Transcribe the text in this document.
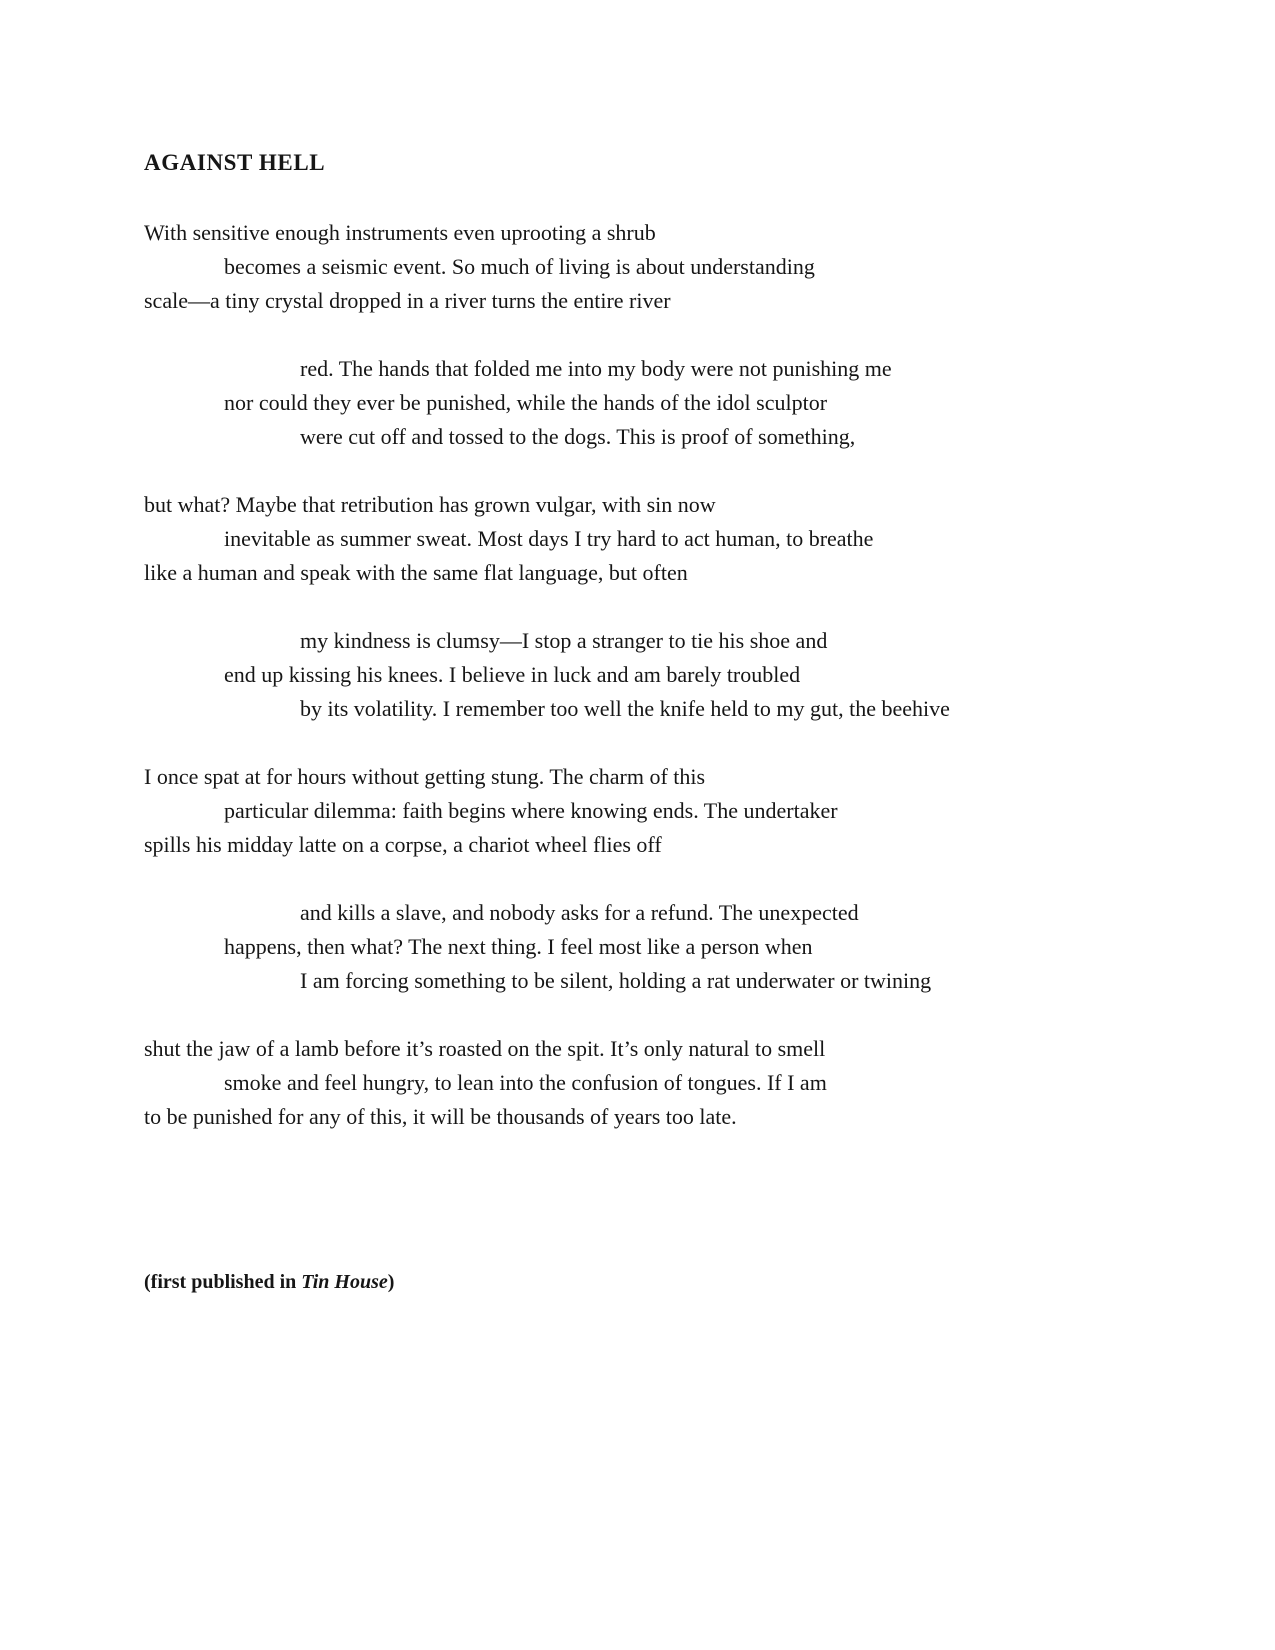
AGAINST HELL
With sensitive enough instruments even uprooting a shrub
becomes a seismic event. So much of living is about understanding
scale—a tiny crystal dropped in a river turns the entire river
red. The hands that folded me into my body were not punishing me
nor could they ever be punished, while the hands of the idol sculptor
were cut off and tossed to the dogs. This is proof of something,
but what? Maybe that retribution has grown vulgar, with sin now
inevitable as summer sweat. Most days I try hard to act human, to breathe
like a human and speak with the same flat language, but often
my kindness is clumsy—I stop a stranger to tie his shoe and
end up kissing his knees. I believe in luck and am barely troubled
by its volatility. I remember too well the knife held to my gut, the beehive
I once spat at for hours without getting stung. The charm of this
particular dilemma: faith begins where knowing ends. The undertaker
spills his midday latte on a corpse, a chariot wheel flies off
and kills a slave, and nobody asks for a refund. The unexpected
happens, then what? The next thing. I feel most like a person when
I am forcing something to be silent, holding a rat underwater or twining
shut the jaw of a lamb before it’s roasted on the spit. It’s only natural to smell
smoke and feel hungry, to lean into the confusion of tongues. If I am
to be punished for any of this, it will be thousands of years too late.

(first published in Tin House)
